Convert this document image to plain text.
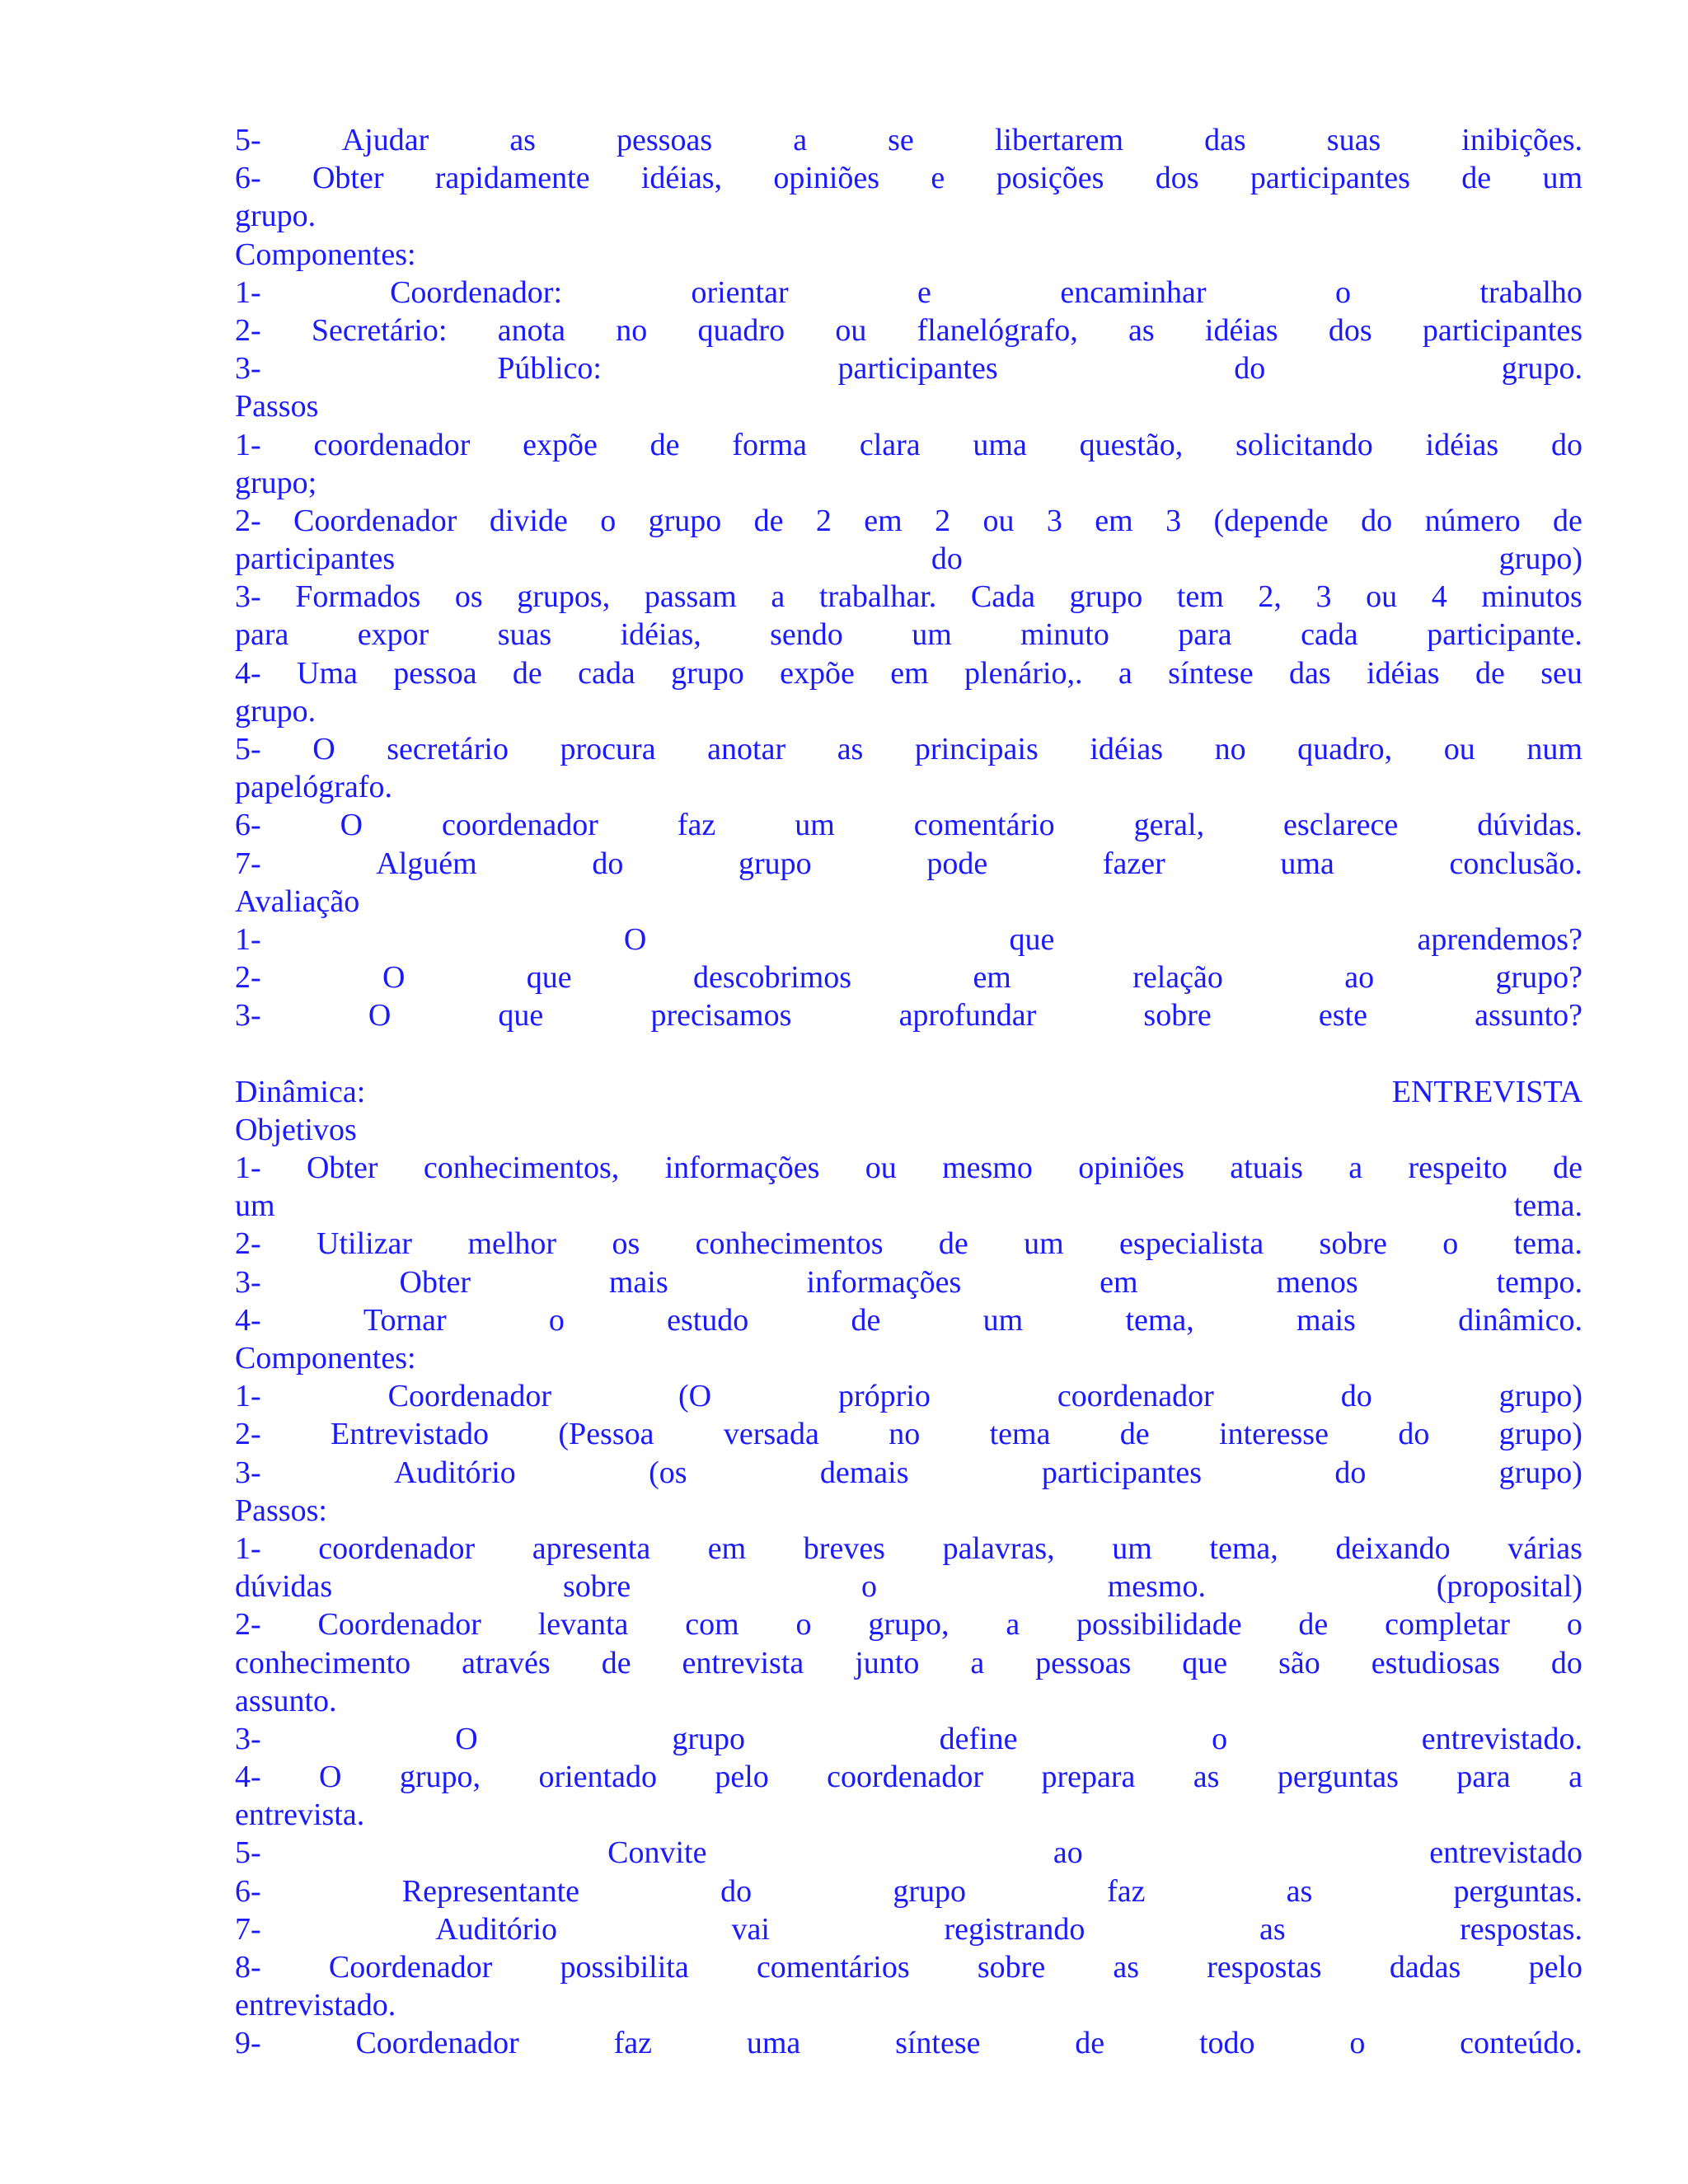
5-	Ajudar	as	pessoas	a	se	libertarem	das	suas	inibições.
6- Obter rapidamente idéias, opiniões e posições dos participantes de um
grupo.
Componentes:
1-	Coordenador:	orientar	e	encaminhar	o	trabalho
2- Secretário: anota no quadro ou flanelógrafo, as idéias dos participantes
3-	Público:	participantes	do	grupo.
Passos
1- coordenador expõe de forma clara uma questão, solicitando idéias do
grupo;
2- Coordenador divide o grupo de 2 em 2 ou 3 em 3 (depende do número de
participantes	do	grupo)
3- Formados os grupos, passam a trabalhar. Cada grupo tem 2, 3 ou 4 minutos
para expor suas idéias, sendo um minuto para cada participante.
4- Uma pessoa de cada grupo expõe em plenário,. a síntese das idéias de seu
grupo.
5- O secretário procura anotar as principais idéias no quadro, ou num
papelógrafo.
6-	O	coordenador	faz	um	comentário	geral,	esclarece	dúvidas.
7-	Alguém	do	grupo	pode	fazer	uma	conclusão.
Avaliação
1-	O	que	aprendemos?
2-	O	que	descobrimos	em	relação	ao	grupo?
3-	O	que	precisamos	aprofundar	sobre	este	assunto?
Dinâmica:	ENTREVISTA
Objetivos
1- Obter conhecimentos, informações ou mesmo opiniões atuais a respeito de
um	tema.
2- Utilizar melhor os conhecimentos de um especialista sobre o tema.
3-	Obter	mais	informações	em	menos	tempo.
4-	Tornar	o	estudo	de	um	tema,	mais	dinâmico.
Componentes:
1-	Coordenador	(O	próprio	coordenador	do	grupo)
2- Entrevistado (Pessoa versada no tema de interesse do grupo)
3-	Auditório	(os	demais	participantes	do	grupo)
Passos:
1- coordenador apresenta em breves palavras, um tema, deixando várias
dúvidas	sobre	o	mesmo.	(proposital)
2- Coordenador levanta com o grupo, a possibilidade de completar o
conhecimento através de entrevista junto a pessoas que são estudiosas do
assunto.
3-	O	grupo	define	o	entrevistado.
4- O grupo, orientado pelo coordenador prepara as perguntas para a
entrevista.
5-	Convite	ao	entrevistado
6-	Representante	do	grupo	faz	as	perguntas.
7-	Auditório	vai	registrando	as	respostas.
8- Coordenador possibilita comentários sobre as respostas dadas pelo
entrevistado.
9-	Coordenador	faz	uma	síntese	de	todo	o	conteúdo.
